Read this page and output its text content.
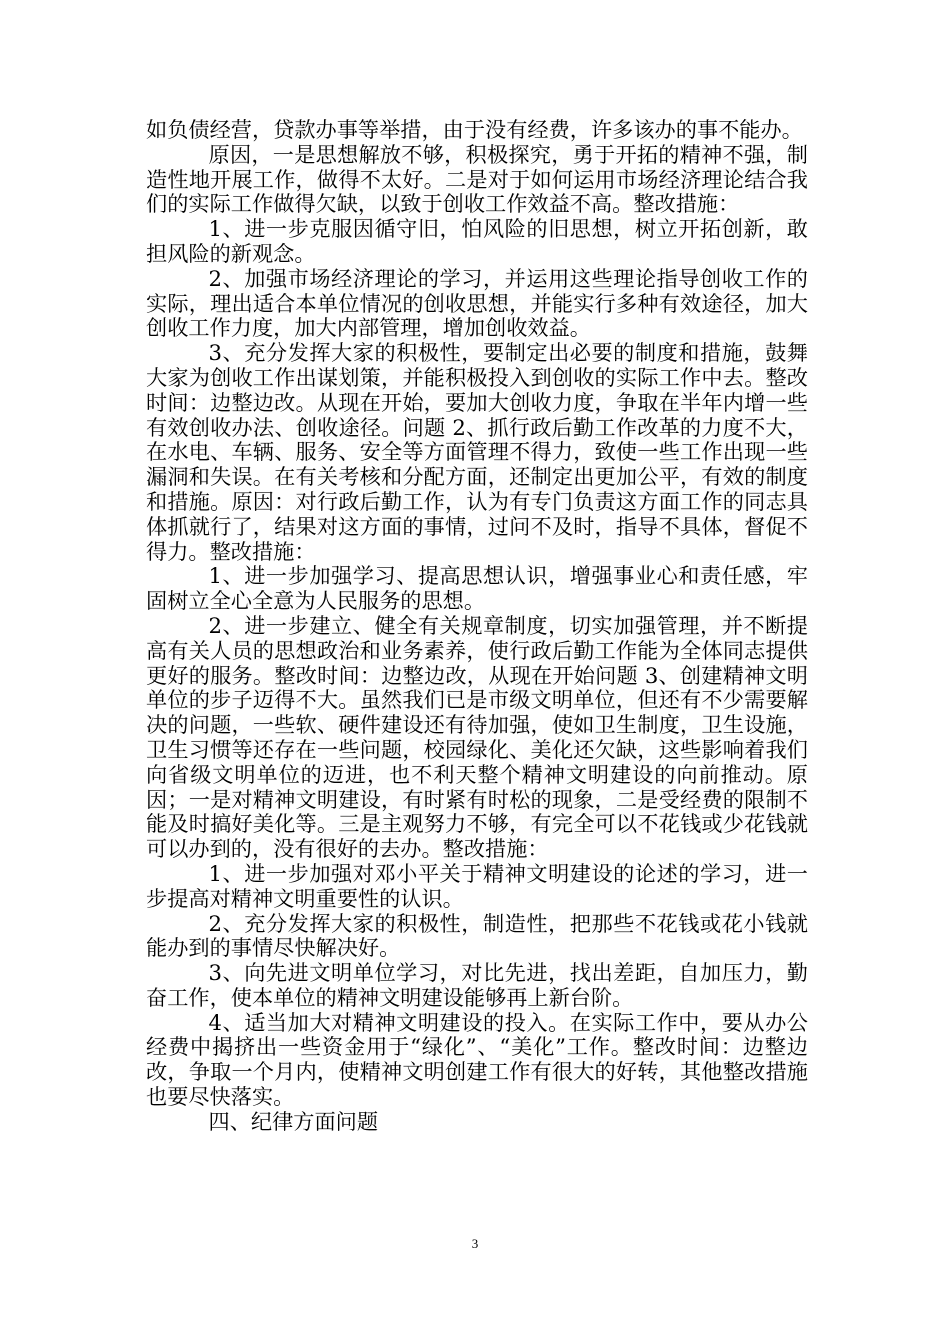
如负债经营，贷款办事等举措，由于没有经费，许多该办的事不能办。

原因，一是思想解放不够，积极探究，勇于开拓的精神不强，制造性地开展工作，做得不太好。二是对于如何运用市场经济理论结合我们的实际工作做得欠缺，以致于创收工作效益不高。整改措施：

1、进一步克服因循守旧，怕风险的旧思想，树立开拓创新，敢担风险的新观念。

2、加强市场经济理论的学习，并运用这些理论指导创收工作的实际，理出适合本单位情况的创收思想，并能实行多种有效途径，加大创收工作力度，加大内部管理，增加创收效益。

3、充分发挥大家的积极性，要制定出必要的制度和措施，鼓舞大家为创收工作出谋划策，并能积极投入到创收的实际工作中去。整改时间：边整边改。从现在开始，要加大创收力度，争取在半年内增一些有效创收办法、创收途径。问题 2、抓行政后勤工作改革的力度不大，在水电、车辆、服务、安全等方面管理不得力，致使一些工作出现一些漏洞和失误。在有关考核和分配方面，还制定出更加公平，有效的制度和措施。原因：对行政后勤工作，认为有专门负责这方面工作的同志具体抓就行了，结果对这方面的事情，过问不及时，指导不具体，督促不得力。整改措施：

1、进一步加强学习、提高思想认识，增强事业心和责任感，牢固树立全心全意为人民服务的思想。

2、进一步建立、健全有关规章制度，切实加强管理，并不断提高有关人员的思想政治和业务素养，使行政后勤工作能为全体同志提供更好的服务。整改时间：边整边改，从现在开始问题 3、创建精神文明单位的步子迈得不大。虽然我们已是市级文明单位，但还有不少需要解决的问题，一些软、硬件建设还有待加强，使如卫生制度，卫生设施，卫生习惯等还存在一些问题，校园绿化、美化还欠缺，这些影响着我们向省级文明单位的迈进，也不利天整个精神文明建设的向前推动。原因；一是对精神文明建设，有时紧有时松的现象，二是受经费的限制不能及时搞好美化等。三是主观努力不够，有完全可以不花钱或少花钱就可以办到的，没有很好的去办。整改措施：

1、进一步加强对邓小平关于精神文明建设的论述的学习，进一步提高对精神文明重要性的认识。

2、充分发挥大家的积极性，制造性，把那些不花钱或花小钱就能办到的事情尽快解决好。

3、向先进文明单位学习，对比先进，找出差距，自加压力，勤奋工作，使本单位的精神文明建设能够再上新台阶。

4、适当加大对精神文明建设的投入。在实际工作中，要从办公经费中揭挤出一些资金用于“绿化”、“美化”工作。整改时间：边整边改，争取一个月内，使精神文明创建工作有很大的好转，其他整改措施也要尽快落实。

四、纪律方面问题

3
